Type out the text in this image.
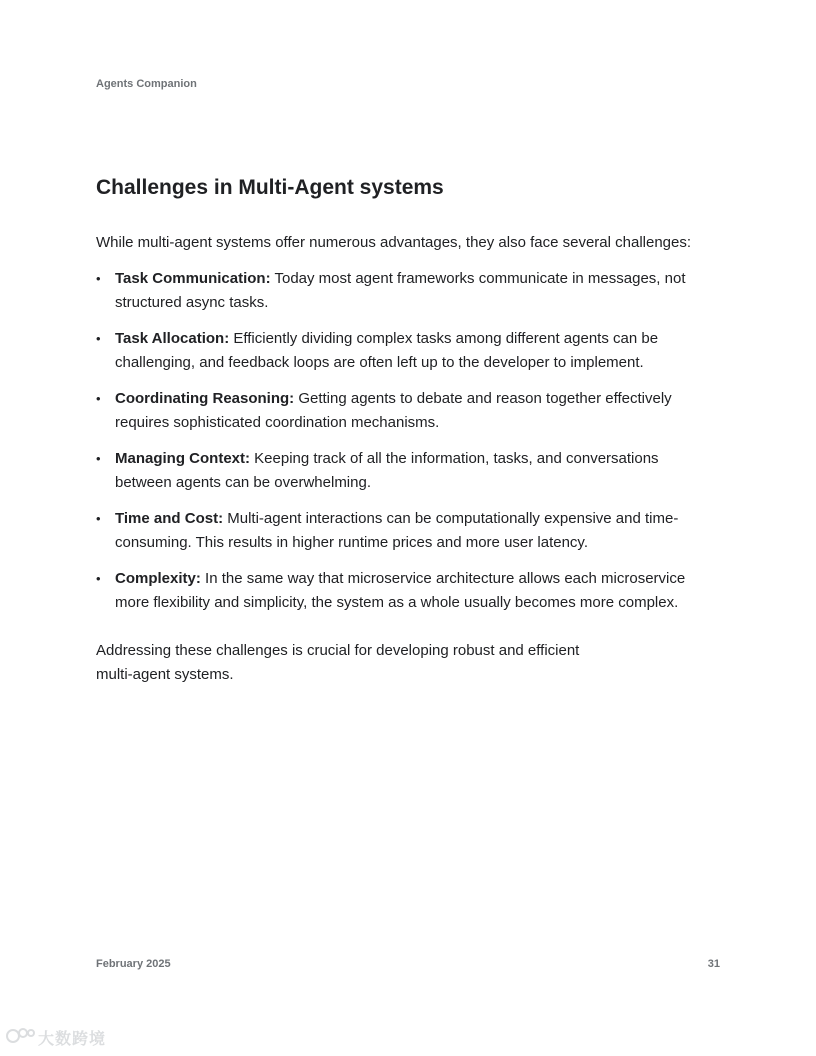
Agents Companion
Challenges in Multi-Agent systems

While multi-agent systems offer numerous advantages, they also face several challenges:

• Task Communication: Today most agent frameworks communicate in messages, not structured async tasks.
• Task Allocation: Efficiently dividing complex tasks among different agents can be challenging, and feedback loops are often left up to the developer to implement.
• Coordinating Reasoning: Getting agents to debate and reason together effectively requires sophisticated coordination mechanisms.
• Managing Context: Keeping track of all the information, tasks, and conversations between agents can be overwhelming.
• Time and Cost: Multi-agent interactions can be computationally expensive and time-consuming. This results in higher runtime prices and more user latency.
• Complexity: In the same way that microservice architecture allows each microservice more flexibility and simplicity, the system as a whole usually becomes more complex.

Addressing these challenges is crucial for developing robust and efficient multi-agent systems.

February 2025	31
大数跨境
